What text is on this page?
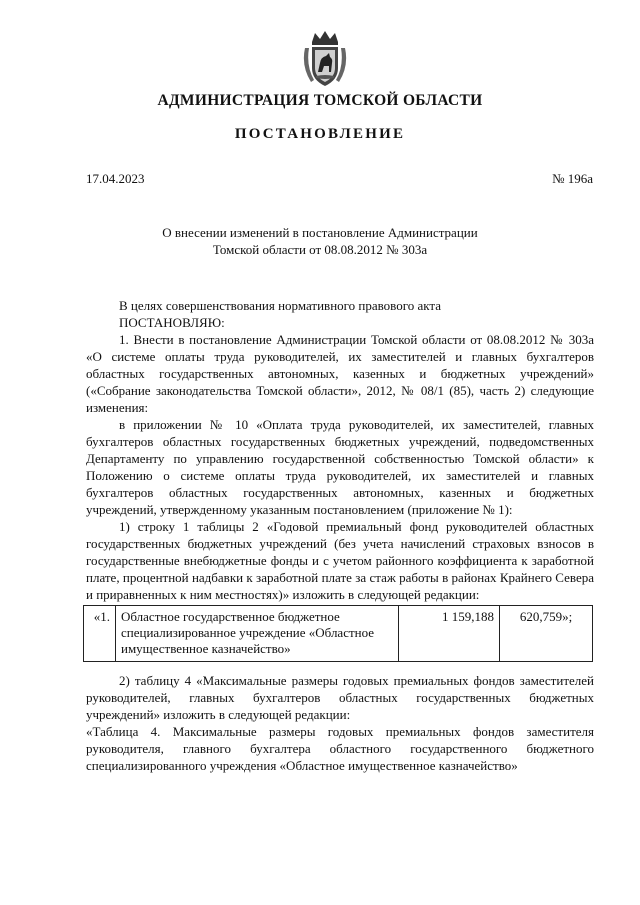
АДМИНИСТРАЦИЯ ТОМСКОЙ ОБЛАСТИ
ПОСТАНОВЛЕНИЕ
17.04.2023	№ 196а
О внесении изменений в постановление Администрации
Томской области от 08.08.2012 № 303а

В целях совершенствования нормативного правового акта

ПОСТАНОВЛЯЮ:

1. Внести в постановление Администрации Томской области от 08.08.2012 № 303а «О системе оплаты труда руководителей, их заместителей и главных бухгалтеров областных государственных автономных, казенных и бюджетных учреждений» («Собрание законодательства Томской области», 2012, № 08/1 (85), часть 2) следующие изменения:

в приложении № 10 «Оплата труда руководителей, их заместителей, главных бухгалтеров областных государственных бюджетных учреждений, подведомственных Департаменту по управлению государственной собственностью Томской области» к Положению о системе оплаты труда руководителей, их заместителей и главных бухгалтеров областных государственных автономных, казенных и бюджетных учреждений, утвержденному указанным постановлением (приложение № 1):

1) строку 1 таблицы 2 «Годовой премиальный фонд руководителей областных государственных бюджетных учреждений (без учета начислений страховых взносов в государственные внебюджетные фонды и с учетом районного коэффициента к заработной плате, процентной надбавки к заработной плате за стаж работы в районах Крайнего Севера и приравненных к ним местностях)» изложить в следующей редакции:

«1.	Областное государственное бюджетное специализированное учреждение «Областное имущественное казначейство»	1 159,188	620,759»;

2) таблицу 4 «Максимальные размеры годовых премиальных фондов заместителей руководителей, главных бухгалтеров областных государственных бюджетных учреждений» изложить в следующей редакции:

«Таблица 4. Максимальные размеры годовых премиальных фондов заместителя руководителя, главного бухгалтера областного государственного бюджетного специализированного учреждения «Областное имущественное казначейство»
